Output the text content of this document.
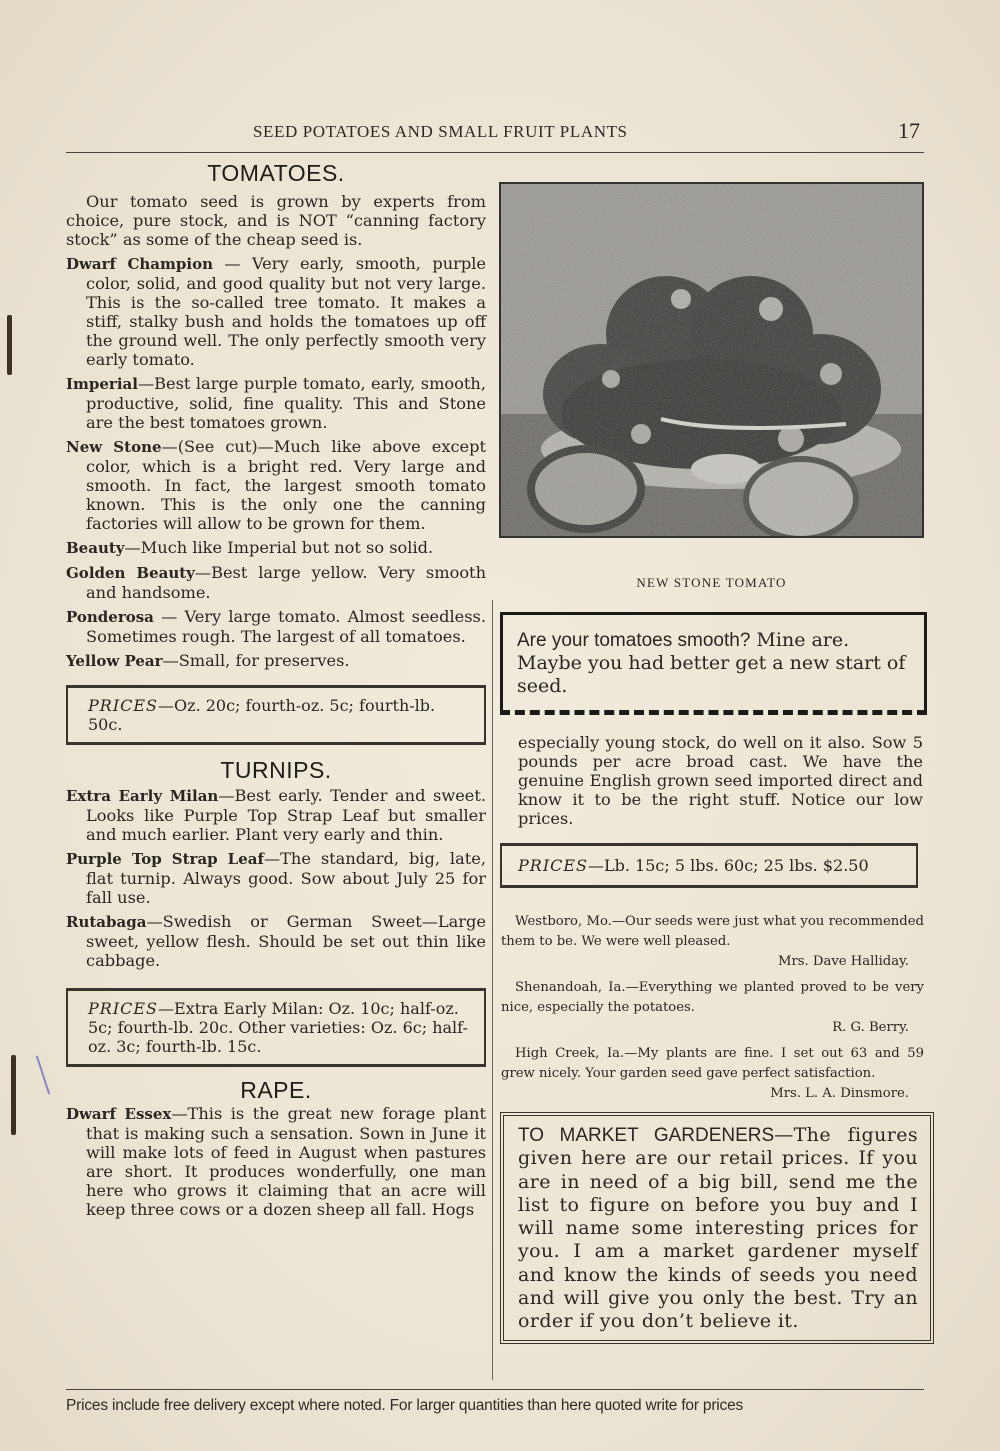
SEED POTATOES AND SMALL FRUIT PLANTS	17
TOMATOES.

Our tomato seed is grown by experts from choice, pure stock, and is NOT “canning factory stock” as some of the cheap seed is.

Dwarf Champion — Very early, smooth, purple color, solid, and good quality but not very large. This is the so-called tree tomato. It makes a stiff, stalky bush and holds the tomatoes up off the ground well. The only perfectly smooth very early tomato.

Imperial—Best large purple tomato, early, smooth, productive, solid, fine quality. This and Stone are the best tomatoes grown.

New Stone—(See cut)—Much like above except color, which is a bright red. Very large and smooth. In fact, the largest smooth tomato known. This is the only one the canning factories will allow to be grown for them.

Beauty—Much like Imperial but not so solid.

Golden Beauty—Best large yellow. Very smooth and handsome.

Ponderosa — Very large tomato. Almost seedless. Sometimes rough. The largest of all tomatoes.

Yellow Pear—Small, for preserves.

PRICES—Oz. 20c; fourth-oz. 5c; fourth-lb. 50c.
TURNIPS.

Extra Early Milan—Best early. Tender and sweet. Looks like Purple Top Strap Leaf but smaller and much earlier. Plant very early and thin.

Purple Top Strap Leaf—The standard, big, late, flat turnip. Always good. Sow about July 25 for fall use.

Rutabaga—Swedish or German Sweet—Large sweet, yellow flesh. Should be set out thin like cabbage.

PRICES—Extra Early Milan: Oz. 10c; half-oz. 5c; fourth-lb. 20c. Other varieties: Oz. 6c; half-oz. 3c; fourth-lb. 15c.
RAPE.

Dwarf Essex—This is the great new forage plant that is making such a sensation. Sown in June it will make lots of feed in August when pastures are short. It produces wonderfully, one man here who grows it claiming that an acre will keep three cows or a dozen sheep all fall. Hogs

NEW STONE TOMATO
Are your tomatoes smooth? Mine are. Maybe you had better get a new start of seed.

especially young stock, do well on it also. Sow 5 pounds per acre broad cast. We have the genuine English grown seed imported direct and know it to be the right stuff. Notice our low prices.

PRICES—Lb. 15c; 5 lbs. 60c; 25 lbs. $2.50
Westboro, Mo.—Our seeds were just what you recommended them to be. We were well pleased.
Mrs. Dave Halliday.
Shenandoah, Ia.—Everything we planted proved to be very nice, especially the potatoes.
R. G. Berry.
High Creek, Ia.—My plants are fine. I set out 63 and 59 grew nicely. Your garden seed gave perfect satisfaction.
Mrs. L. A. Dinsmore.
TO MARKET GARDENERS—The figures given here are our retail prices. If you are in need of a big bill, send me the list to figure on before you buy and I will name some interesting prices for you. I am a market gardener myself and know the kinds of seeds you need and will give you only the best. Try an order if you don’t believe it.
Prices include free delivery except where noted. For larger quantities than here quoted write for prices
